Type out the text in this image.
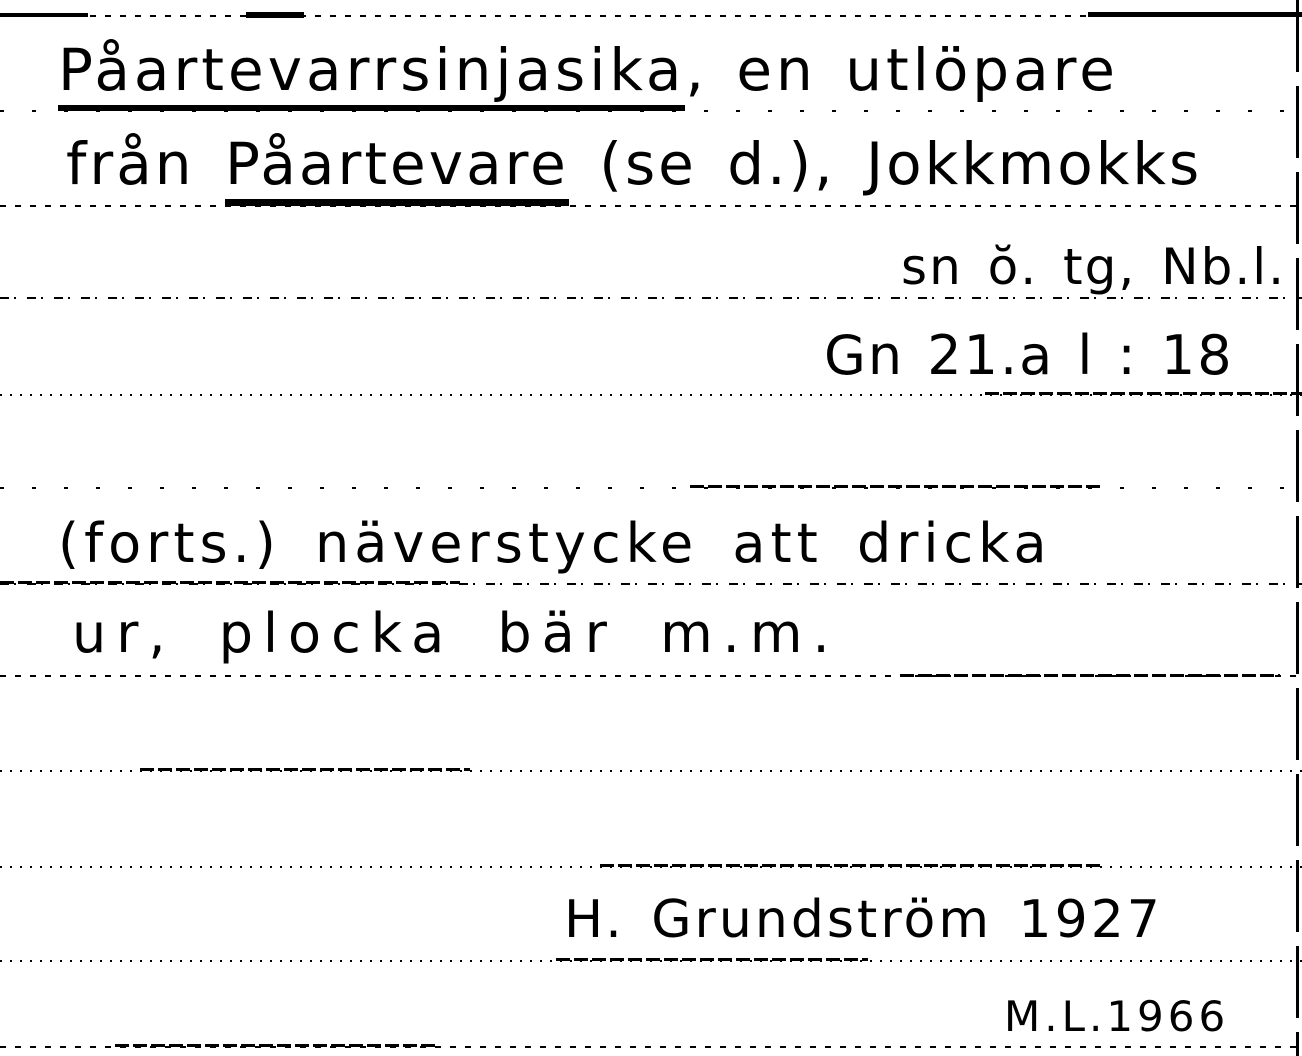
Påartevarrsinjasika, en utlöpare
från Påartevare (se d.), Jokkmokks
sn ŏ. tg, Nb.l.
Gn 21.a l : 18
(forts.) näverstycke att dricka
ur, plocka bär m.m.
H. Grundström 1927
M.L.1966
